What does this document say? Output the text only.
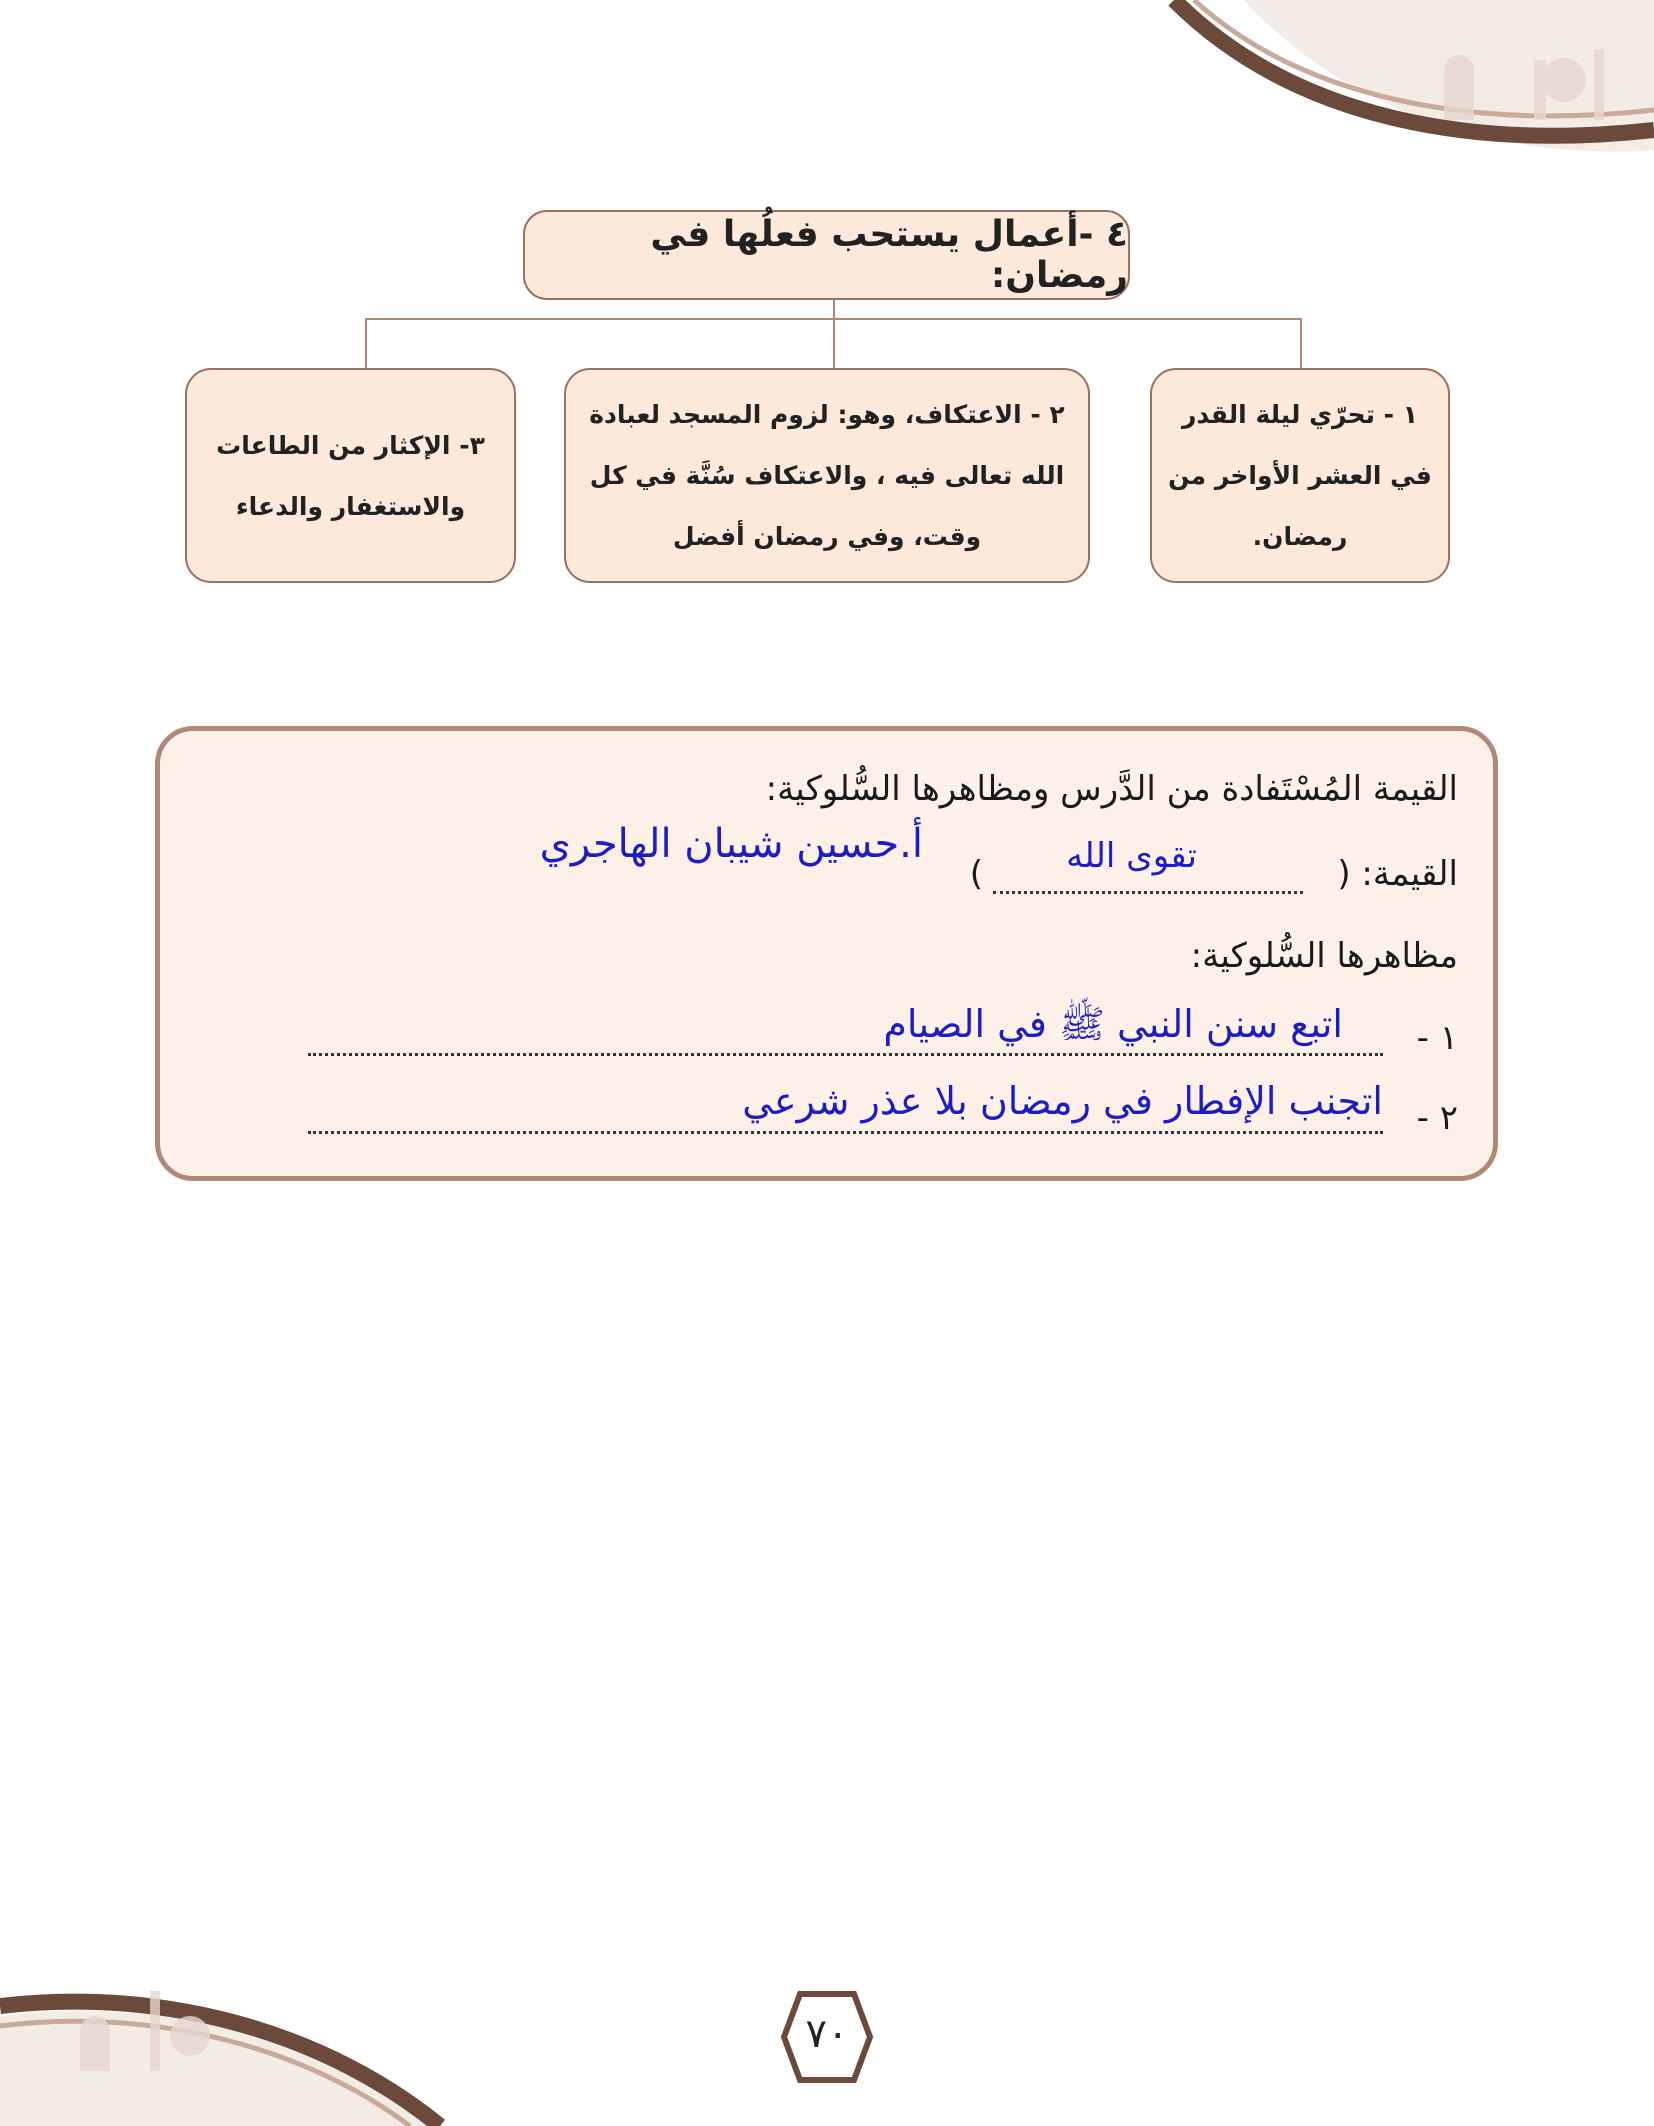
٤ -أعمال يستحب فعلُها في رمضان:
١ - تحرّي ليلة القدر في العشر الأواخر من رمضان.
٢ - الاعتكاف، وهو: لزوم المسجد لعبادة الله تعالى فيه ، والاعتكاف سُنَّة في كل وقت، وفي رمضان أفضل
٣- الإكثار من الطاعات والاستغفار والدعاء
القيمة المُسْتَفادة من الدَّرس ومظاهرها السُّلوكية:
القيمة: (
) تقوى الله
أ.حسين شيبان الهاجري
مظاهرها السُّلوكية:
١ -
اتبع سنن النبي ﷺ في الصيام
٢ -
اتجنب الإفطار في رمضان بلا عذر شرعي
٧٠
